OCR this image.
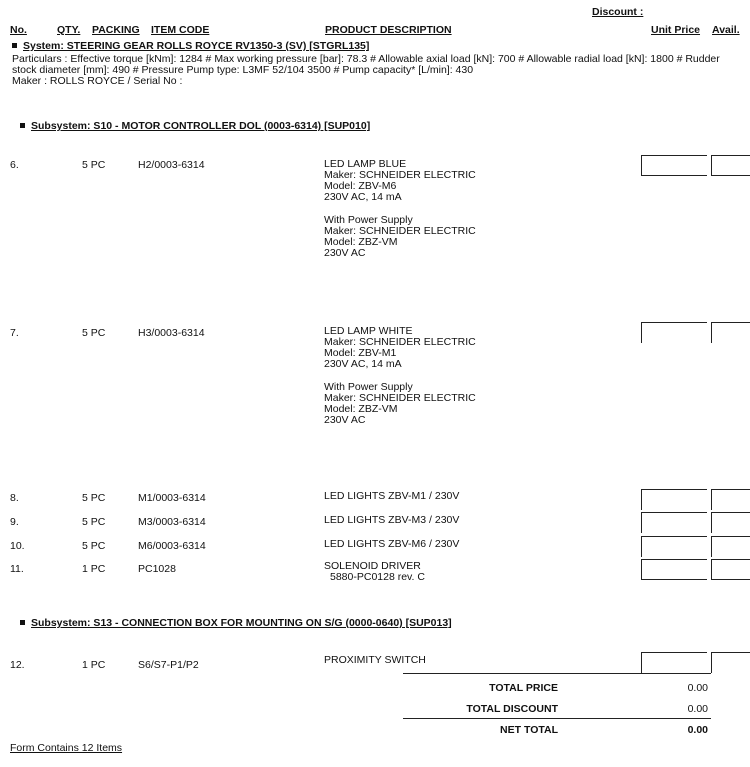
Discount :
No.	QTY. PACKING ITEM CODE	PRODUCT DESCRIPTION	Unit Price Avail.
System: STEERING GEAR ROLLS ROYCE RV1350-3 (SV) [STGRL135]
Particulars : Effective torque [kNm]: 1284 # Max working pressure [bar]: 78.3 # Allowable axial load [kN]: 700 # Allowable radial load [kN]: 1800 # Rudder stock diameter [mm]: 490 # Pressure Pump type: L3MF 52/104 3500 # Pump capacity* [L/min]: 430
Maker : ROLLS ROYCE / Serial No :
Subsystem: S10 - MOTOR CONTROLLER DOL (0003-6314) [SUP010]
6.	5 PC	H2/0003-6314	LED LAMP BLUE
Maker: SCHNEIDER ELECTRIC
Model: ZBV-M6
230V AC, 14 mA
With Power Supply
Maker: SCHNEIDER ELECTRIC
Model: ZBZ-VM
230V AC
7.	5 PC	H3/0003-6314	LED LAMP WHITE
Maker: SCHNEIDER ELECTRIC
Model: ZBV-M1
230V AC, 14 mA
With Power Supply
Maker: SCHNEIDER ELECTRIC
Model: ZBZ-VM
230V AC
8.	5 PC	M1/0003-6314	LED LIGHTS ZBV-M1 / 230V
9.	5 PC	M3/0003-6314	LED LIGHTS ZBV-M3 / 230V
10.	5 PC	M6/0003-6314	LED LIGHTS ZBV-M6 / 230V
11.	1 PC	PC1028	SOLENOID DRIVER
5880-PC0128 rev. C
Subsystem: S13 - CONNECTION BOX FOR MOUNTING ON S/G (0000-0640) [SUP013]
12.	1 PC	S6/S7-P1/P2	PROXIMITY SWITCH
TOTAL PRICE	0.00
TOTAL DISCOUNT	0.00
NET TOTAL	0.00
Form Contains 12 Items
